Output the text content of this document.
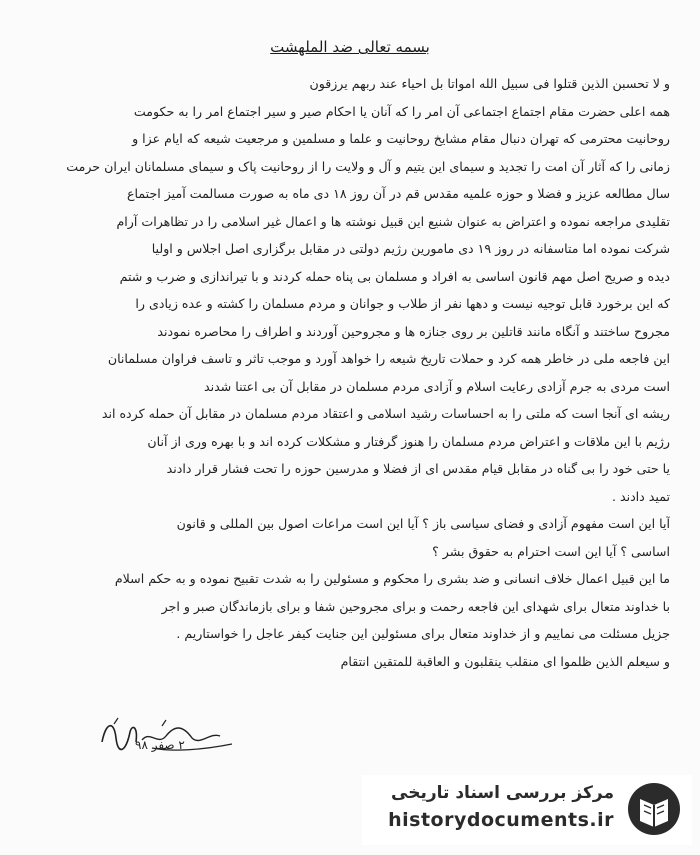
بسمه تعالی ضد الملهشت
و لا تحسبن الذین قتلوا فی سبیل الله امواتا بل احیاء عند ربهم یرزقون
همه اعلی حضرت مقام اجتماع اجتماعی آن امر را که آنان یا احکام صیر و سیر اجتماع امر را به حکومت
روحانیت محترمی که تهران دنبال مقام مشایخ روحانیت و علما و مسلمین و مرجعیت شیعه که ایام عزا و
زمانی را که آثار آن امت را تجدید و سیمای این یتیم و آل و ولایت را از روحانیت پاک و سیمای مسلمانان ایران حرمت
سال مطالعه عزیز و فضلا و حوزه علمیه مقدس قم در آن روز ۱۸ دی ماه به صورت مسالمت آمیز اجتماع
تقلیدی مراجعه نموده و اعتراض به عنوان شنیع این قبیل نوشته ها و اعمال غیر اسلامی را در تظاهرات آرام
شرکت نموده اما متاسفانه در روز ۱۹ دی مامورین رژیم دولتی در مقابل برگزاری اصل اجلاس و اولیا
دیده و صریح اصل مهم قانون اساسی به افراد و مسلمان بی پناه حمله کردند و با تیراندازی و ضرب و شتم
که این برخورد قابل توجیه نیست و دهها نفر از طلاب و جوانان و مردم مسلمان را کشته و عده زیادی را
مجروح ساختند و آنگاه مانند قاتلین بر روی جنازه ها و مجروحین آوردند و اطراف را محاصره نمودند
این فاجعه ملی در خاطر همه کرد و حملات تاریخ شیعه را خواهد آورد و موجب تاثر و تاسف فراوان مسلمانان
است مردی به جرم آزادی رعایت اسلام و آزادی مردم مسلمان در مقابل آن بی اعتنا شدند
ریشه ای آنجا است که ملتی را به احساسات رشید اسلامی و اعتقاد مردم مسلمان در مقابل آن حمله کرده اند
رژیم با این ملاقات و اعتراض مردم مسلمان را هنوز گرفتار و مشکلات کرده اند و با بهره وری از آنان
یا حتی خود را بی گناه در مقابل قیام مقدس ای از فضلا و مدرسین حوزه را تحت فشار قرار دادند
تمید دادند .
آیا این است مفهوم آزادی و فضای سیاسی باز ؟ آیا این است مراعات اصول بین المللی و قانون
اساسی ؟ آیا این است احترام به حقوق بشر ؟
ما این قبیل اعمال خلاف انسانی و ضد بشری را محکوم و مسئولین را به شدت تقبیح نموده و به حکم اسلام
با خداوند متعال برای شهدای این فاجعه رحمت و برای مجروحین شفا و برای بازماندگان صبر و اجر
جزیل مسئلت می نماییم و از خداوند متعال برای مسئولین این جنایت کیفر عاجل را خواستاریم .
و سیعلم الذین ظلموا ای منقلب ینقلبون و العاقبة للمتقین انتقام
۲ صفر ۹۸
مرکز بررسی اسناد تاریخی
historydocuments.ir
